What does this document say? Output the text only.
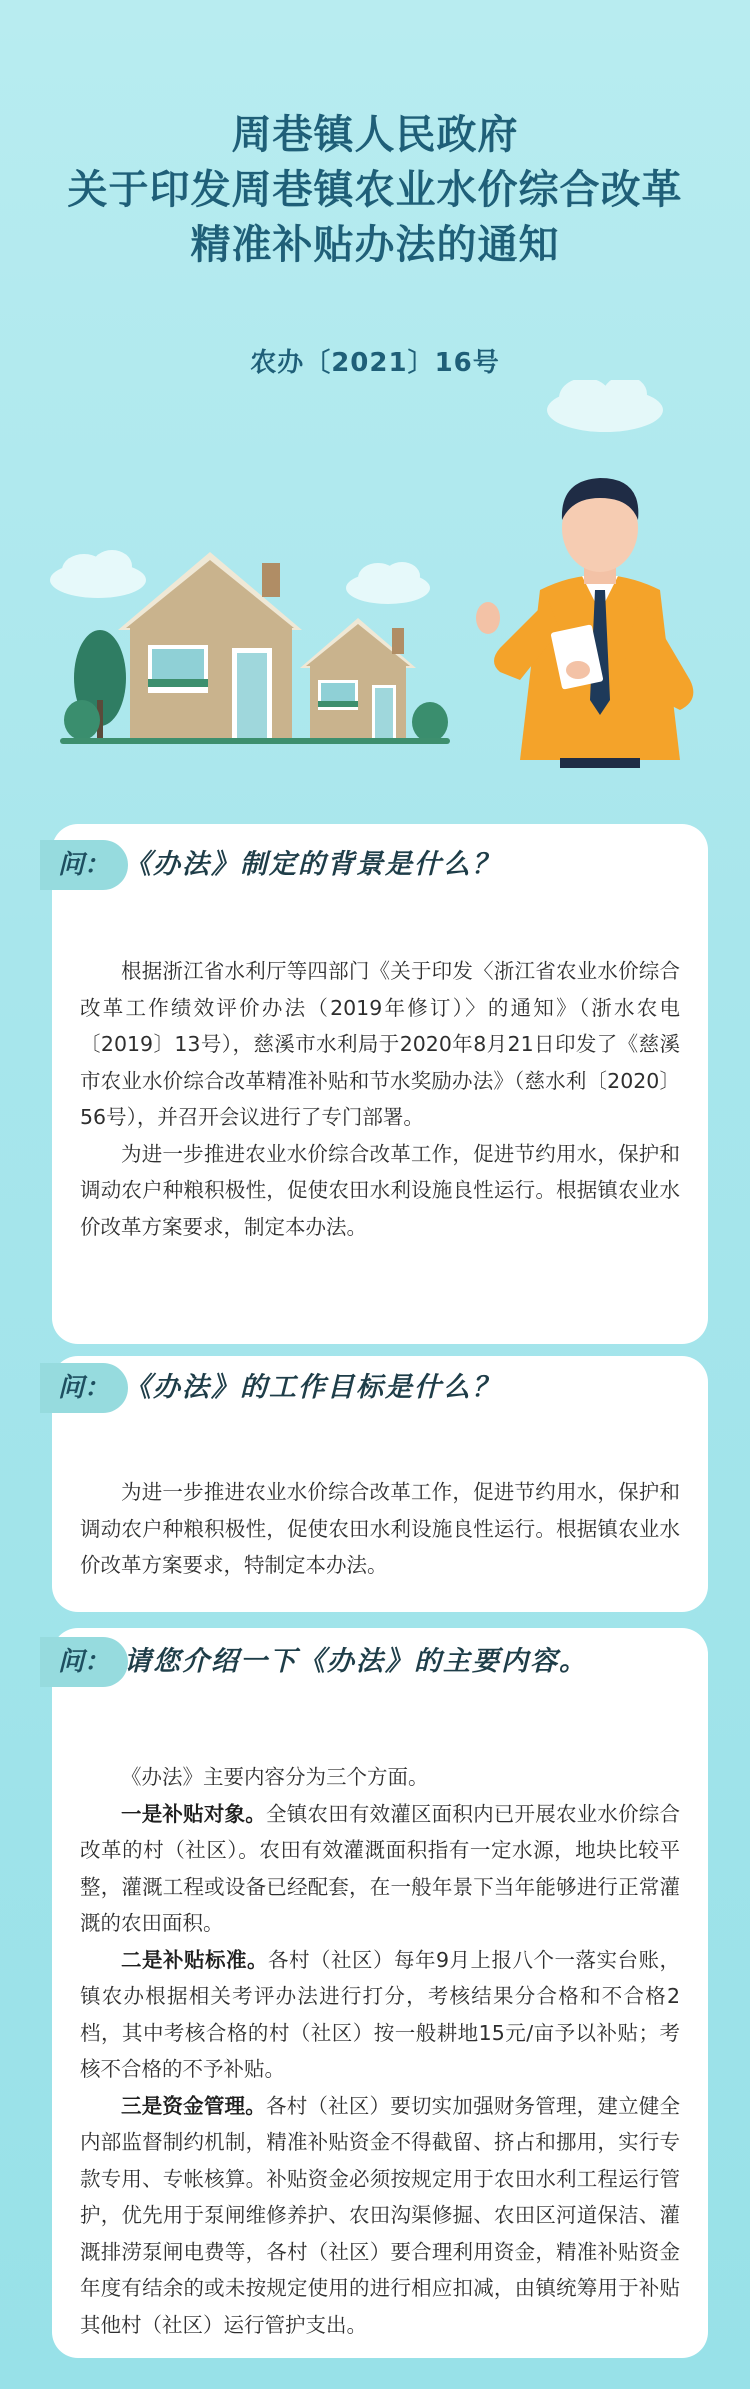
周巷镇人民政府
关于印发周巷镇农业水价综合改革
精准补贴办法的通知
农办〔2021〕16号
问： 《办法》制定的背景是什么？

根据浙江省水利厅等四部门《关于印发〈浙江省农业水价综合改革工作绩效评价办法（2019年修订）〉的通知》（浙水农电〔2019〕13号），慈溪市水利局于2020年8月21日印发了《慈溪市农业水价综合改革精准补贴和节水奖励办法》（慈水利〔2020〕56号），并召开会议进行了专门部署。

为进一步推进农业水价综合改革工作，促进节约用水，保护和调动农户种粮积极性，促使农田水利设施良性运行。根据镇农业水价改革方案要求，制定本办法。

问： 《办法》的工作目标是什么？

为进一步推进农业水价综合改革工作，促进节约用水，保护和调动农户种粮积极性，促使农田水利设施良性运行。根据镇农业水价改革方案要求，特制定本办法。

问： 请您介绍一下《办法》的主要内容。

《办法》主要内容分为三个方面。

一是补贴对象。全镇农田有效灌区面积内已开展农业水价综合改革的村（社区）。农田有效灌溉面积指有一定水源，地块比较平整，灌溉工程或设备已经配套，在一般年景下当年能够进行正常灌溉的农田面积。

二是补贴标准。各村（社区）每年9月上报八个一落实台账，镇农办根据相关考评办法进行打分，考核结果分合格和不合格2档，其中考核合格的村（社区）按一般耕地15元/亩予以补贴；考核不合格的不予补贴。

三是资金管理。各村（社区）要切实加强财务管理，建立健全内部监督制约机制，精准补贴资金不得截留、挤占和挪用，实行专款专用、专帐核算。补贴资金必须按规定用于农田水利工程运行管护，优先用于泵闸维修养护、农田沟渠修掘、农田区河道保洁、灌溉排涝泵闸电费等，各村（社区）要合理利用资金，精准补贴资金年度有结余的或未按规定使用的进行相应扣减，由镇统筹用于补贴其他村（社区）运行管护支出。
